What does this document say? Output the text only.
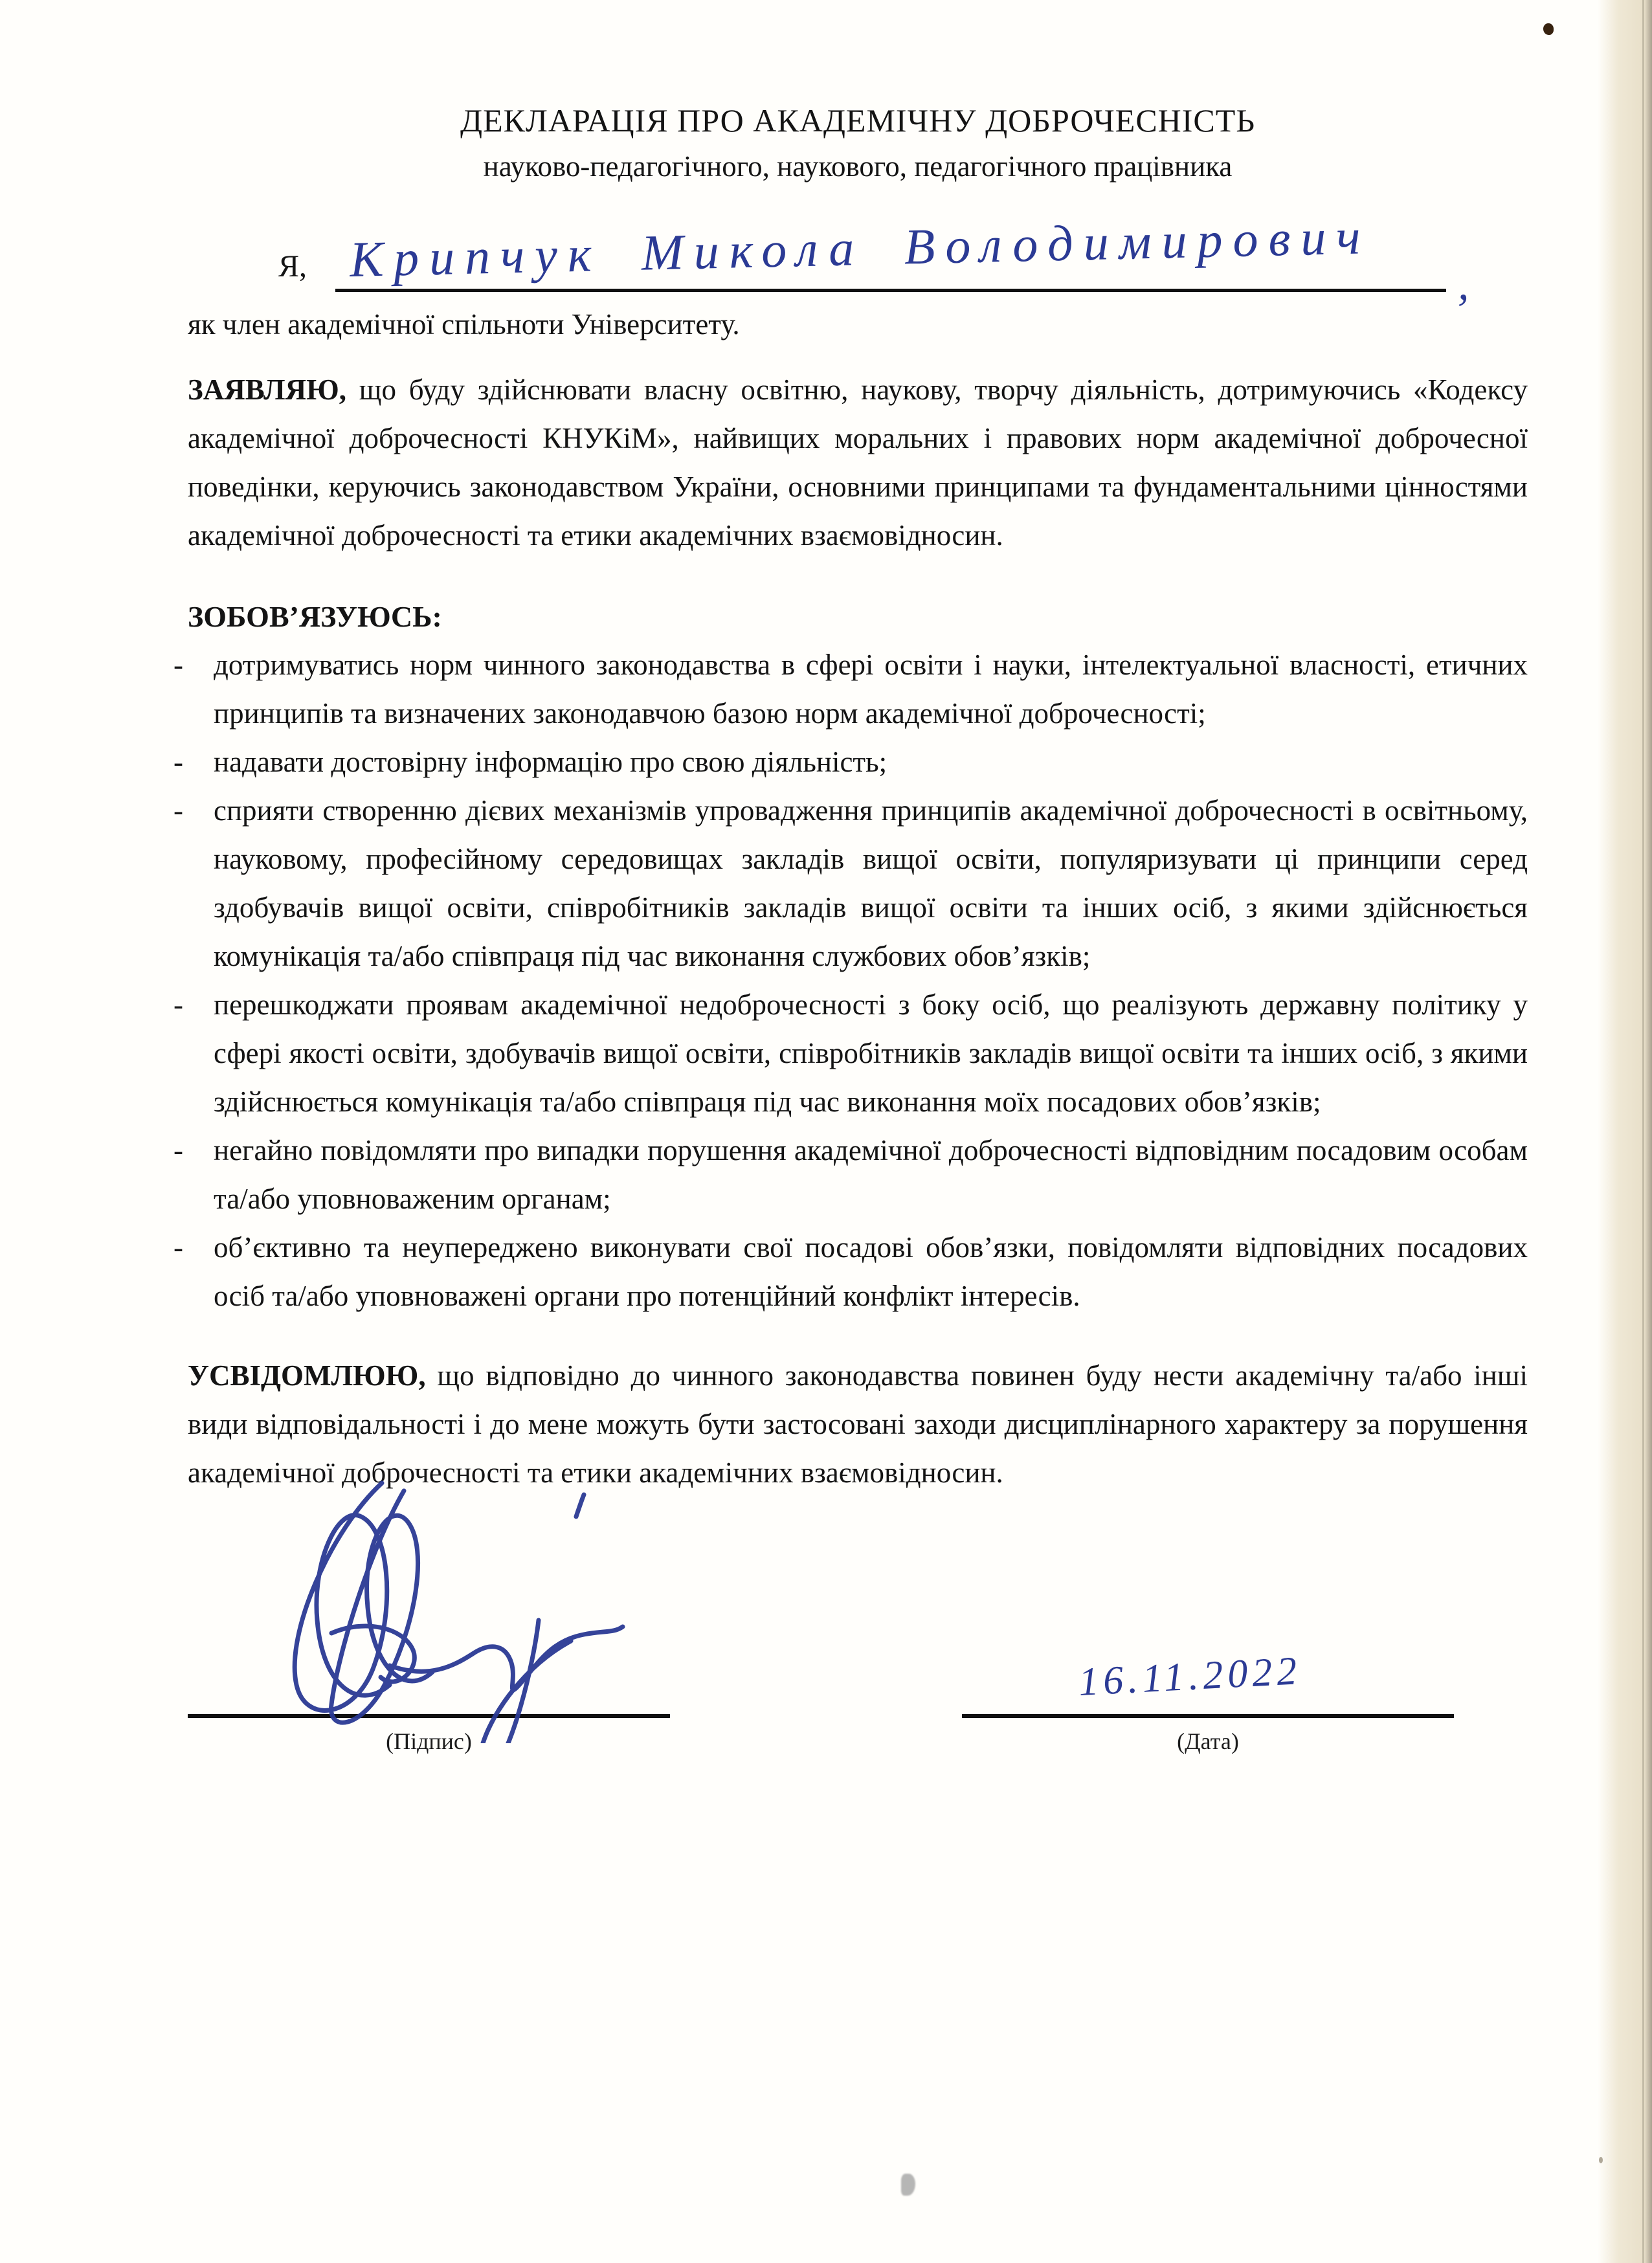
ДЕКЛАРАЦІЯ ПРО АКАДЕМІЧНУ ДОБРОЧЕСНІСТЬ
науково-педагогічного, наукового, педагогічного працівника
Я, Крипчук Микола Володимирович	,
як член академічної спільноти Університету.
ЗАЯВЛЯЮ, що буду здійснювати власну освітню, наукову, творчу діяльність, дотримуючись «Кодексу академічної доброчесності КНУКіМ», найвищих моральних і правових норм академічної доброчесної поведінки, керуючись законодавством України, основними принципами та фундаментальними цінностями академічної доброчесності та етики академічних взаємовідносин.
ЗОБОВ’ЯЗУЮСЬ:
- дотримуватись норм чинного законодавства в сфері освіти і науки, інтелектуальної власності, етичних принципів та визначених законодавчою базою норм академічної доброчесності;
- надавати достовірну інформацію про свою діяльність;
- сприяти створенню дієвих механізмів упровадження принципів академічної доброчесності в освітньому, науковому, професійному середовищах закладів вищої освіти, популяризувати ці принципи серед здобувачів вищої освіти, співробітників закладів вищої освіти та інших осіб, з якими здійснюється комунікація та/або співпраця під час виконання службових обов’язків;
- перешкоджати проявам академічної недоброчесності з боку осіб, що реалізують державну політику у сфері якості освіти, здобувачів вищої освіти, співробітників закладів вищої освіти та інших осіб, з якими здійснюється комунікація та/або співпраця під час виконання моїх посадових обов’язків;
- негайно повідомляти про випадки порушення академічної доброчесності відповідним посадовим особам та/або уповноваженим органам;
- об’єктивно та неупереджено виконувати свої посадові обов’язки, повідомляти відповідних посадових осіб та/або уповноважені органи про потенційний конфлікт інтересів.
УСВІДОМЛЮЮ, що відповідно до чинного законодавства повинен буду нести академічну та/або інші види відповідальності і до мене можуть бути застосовані заходи дисциплінарного характеру за порушення академічної доброчесності та етики академічних взаємовідносин.
(Підпис)
16.11.2022
(Дата)
